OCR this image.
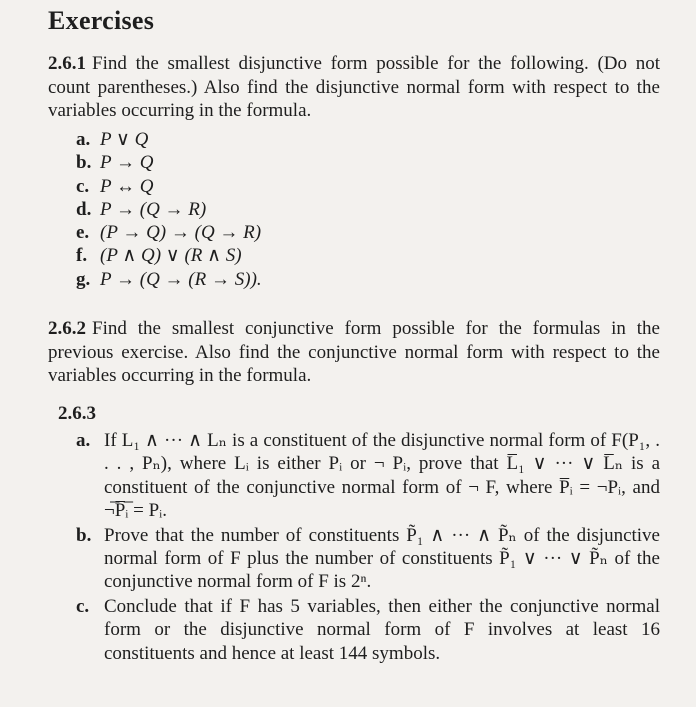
Exercises
2.6.1 Find the smallest disjunctive form possible for the following. (Do not count parentheses.) Also find the disjunctive normal form with respect to the variables occurring in the formula.
a. P ∨ Q
b. P → Q
c. P ↔ Q
d. P → (Q → R)
e. (P → Q) → (Q → R)
f. (P ∧ Q) ∨ (R ∧ S)
g. P → (Q → (R → S)).
2.6.2 Find the smallest conjunctive form possible for the formulas in the previous exercise. Also find the conjunctive normal form with respect to the variables occurring in the formula.
2.6.3
a. If L₁ ∧ ··· ∧ Lₙ is a constituent of the disjunctive normal form of F(P₁, . . . , Pₙ), where Lᵢ is either Pᵢ or ¬ Pᵢ, prove that L̅₁ ∨ ··· ∨ L̅ₙ is a constituent of the conjunctive normal form of ¬ F, where P̅ᵢ = ¬Pᵢ, and ¬̅P̅ᵢ̅ = Pᵢ.
b. Prove that the number of constituents P̃₁ ∧ ··· ∧ P̃ₙ of the disjunctive normal form of F plus the number of constituents P̃₁ ∨ ··· ∨ P̃ₙ of the conjunctive normal form of F is 2ⁿ.
c. Conclude that if F has 5 variables, then either the conjunctive normal form or the disjunctive normal form of F involves at least 16 constituents and hence at least 144 symbols.
